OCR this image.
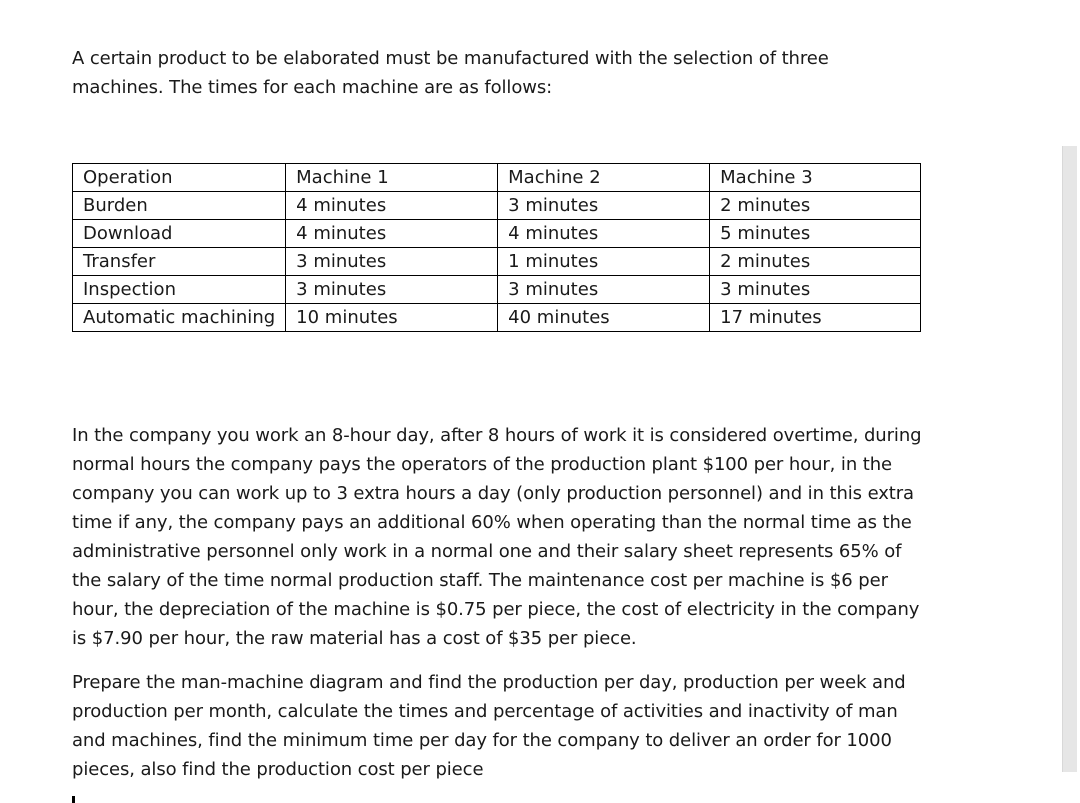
A certain product to be elaborated must be manufactured with the selection of three machines. The times for each machine are as follows:

Operation	Machine 1	Machine 2	Machine 3
Burden	4 minutes	3 minutes	2 minutes
Download	4 minutes	4 minutes	5 minutes
Transfer	3 minutes	1 minutes	2 minutes
Inspection	3 minutes	3 minutes	3 minutes
Automatic machining	10 minutes	40 minutes	17 minutes

In the company you work an 8-hour day, after 8 hours of work it is considered overtime, during normal hours the company pays the operators of the production plant $100 per hour, in the company you can work up to 3 extra hours a day (only production personnel) and in this extra time if any, the company pays an additional 60% when operating than the normal time as the administrative personnel only work in a normal one and their salary sheet represents 65% of the salary of the time normal production staff. The maintenance cost per machine is $6 per hour, the depreciation of the machine is $0.75 per piece, the cost of electricity in the company is $7.90 per hour, the raw material has a cost of $35 per piece.

Prepare the man-machine diagram and find the production per day, production per week and production per month, calculate the times and percentage of activities and inactivity of man and machines, find the minimum time per day for the company to deliver an order for 1000 pieces, also find the production cost per piece
